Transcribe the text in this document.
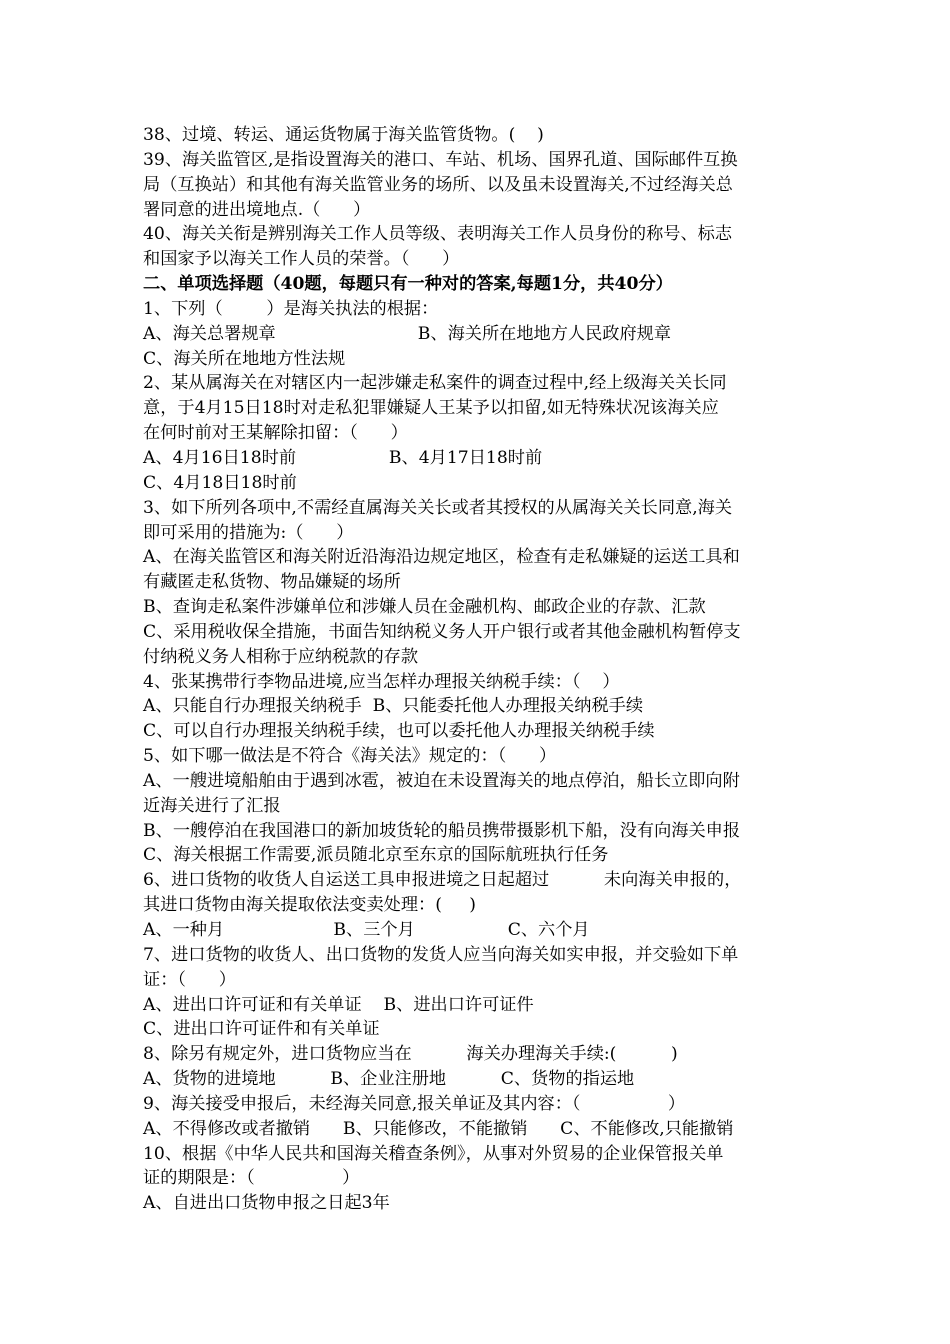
38、过境、转运、通运货物属于海关监管货物。(    )
39、海关监管区,是指设置海关的港口、车站、机场、国界孔道、国际邮件互换
局（互换站）和其他有海关监管业务的场所、以及虽未设置海关,不过经海关总
署同意的进出境地点.（      ）
40、海关关衔是辨别海关工作人员等级、表明海关工作人员身份的称号、标志
和国家予以海关工作人员的荣誉。（      ）
二、单项选择题（40题，每题只有一种对的答案,每题1分，共40分）
1、下列（        ）是海关执法的根据：
A、海关总署规章                          B、海关所在地地方人民政府规章
C、海关所在地地方性法规
2、某从属海关在对辖区内一起涉嫌走私案件的调查过程中,经上级海关关长同
意，于4月15日18时对走私犯罪嫌疑人王某予以扣留,如无特殊状况该海关应
在何时前对王某解除扣留：（      ）
A、4月16日18时前                 B、4月17日18时前
C、4月18日18时前
3、如下所列各项中,不需经直属海关关长或者其授权的从属海关关长同意,海关
即可采用的措施为:（      ）
A、在海关监管区和海关附近沿海沿边规定地区，检查有走私嫌疑的运送工具和
有藏匿走私货物、物品嫌疑的场所
B、查询走私案件涉嫌单位和涉嫌人员在金融机构、邮政企业的存款、汇款
C、采用税收保全措施，书面告知纳税义务人开户银行或者其他金融机构暂停支
付纳税义务人相称于应纳税款的存款
4、张某携带行李物品进境,应当怎样办理报关纳税手续：（    ）
A、只能自行办理报关纳税手  B、只能委托他人办理报关纳税手续
C、可以自行办理报关纳税手续，也可以委托他人办理报关纳税手续
5、如下哪一做法是不符合《海关法》规定的：（      ）
A、一艘进境船舶由于遇到冰雹，被迫在未设置海关的地点停泊，船长立即向附
近海关进行了汇报
B、一艘停泊在我国港口的新加坡货轮的船员携带摄影机下船，没有向海关申报
C、海关根据工作需要,派员随北京至东京的国际航班执行任务
6、进口货物的收货人自运送工具申报进境之日起超过          未向海关申报的，
其进口货物由海关提取依法变卖处理：(     )
A、一种月                    B、三个月                 C、六个月
7、进口货物的收货人、出口货物的发货人应当向海关如实申报，并交验如下单
证：（      ）
A、进出口许可证和有关单证    B、进出口许可证件
C、进出口许可证件和有关单证
8、除另有规定外，进口货物应当在          海关办理海关手续:(          )
A、货物的进境地          B、企业注册地          C、货物的指运地
9、海关接受申报后，未经海关同意,报关单证及其内容：（                ）
A、不得修改或者撤销      B、只能修改，不能撤销      C、不能修改,只能撤销
10、根据《中华人民共和国海关稽查条例》，从事对外贸易的企业保管报关单
证的期限是：（                ）
A、自进出口货物申报之日起3年
